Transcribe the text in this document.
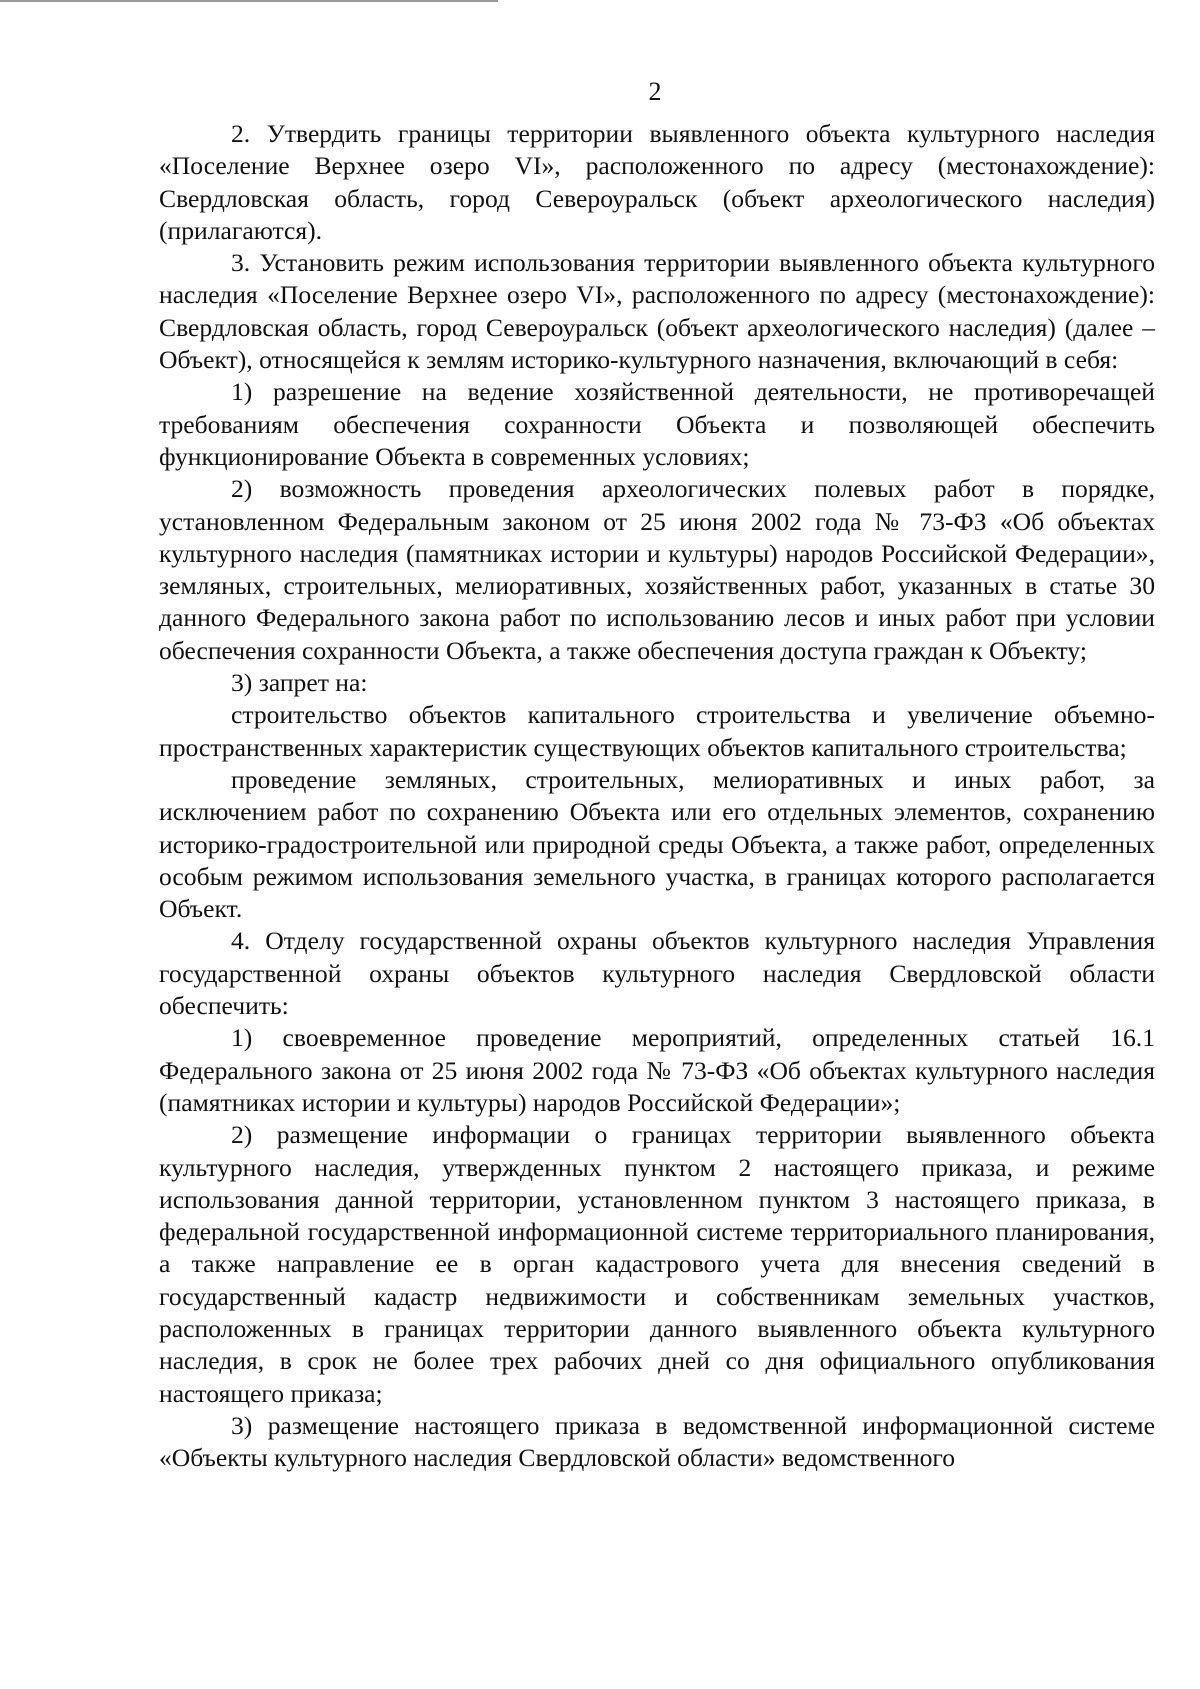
2

2. Утвердить границы территории выявленного объекта культурного наследия «Поселение Верхнее озеро VI», расположенного по адресу (местонахождение): Свердловская область, город Североуральск (объект археологического наследия) (прилагаются).

3. Установить режим использования территории выявленного объекта культурного наследия «Поселение Верхнее озеро VI», расположенного по адресу (местонахождение): Свердловская область, город Североуральск (объект археологического наследия) (далее – Объект), относящейся к землям историко-культурного назначения, включающий в себя:

1) разрешение на ведение хозяйственной деятельности, не противоречащей требованиям обеспечения сохранности Объекта и позволяющей обеспечить функционирование Объекта в современных условиях;

2) возможность проведения археологических полевых работ в порядке, установленном Федеральным законом от 25 июня 2002 года № 73-ФЗ «Об объектах культурного наследия (памятниках истории и культуры) народов Российской Федерации», земляных, строительных, мелиоративных, хозяйственных работ, указанных в статье 30 данного Федерального закона работ по использованию лесов и иных работ при условии обеспечения сохранности Объекта, а также обеспечения доступа граждан к Объекту;

3) запрет на:

строительство объектов капитального строительства и увеличение объемно-пространственных характеристик существующих объектов капитального строительства;

проведение земляных, строительных, мелиоративных и иных работ, за исключением работ по сохранению Объекта или его отдельных элементов, сохранению историко-градостроительной или природной среды Объекта, а также работ, определенных особым режимом использования земельного участка, в границах которого располагается Объект.

4. Отделу государственной охраны объектов культурного наследия Управления государственной охраны объектов культурного наследия Свердловской области обеспечить:

1) своевременное проведение мероприятий, определенных статьей 16.1 Федерального закона от 25 июня 2002 года № 73-ФЗ «Об объектах культурного наследия (памятниках истории и культуры) народов Российской Федерации»;

2) размещение информации о границах территории выявленного объекта культурного наследия, утвержденных пунктом 2 настоящего приказа, и режиме использования данной территории, установленном пунктом 3 настоящего приказа, в федеральной государственной информационной системе территориального планирования, а также направление ее в орган кадастрового учета для внесения сведений в государственный кадастр недвижимости и собственникам земельных участков, расположенных в границах территории данного выявленного объекта культурного наследия, в срок не более трех рабочих дней со дня официального опубликования настоящего приказа;

3) размещение настоящего приказа в ведомственной информационной системе «Объекты культурного наследия Свердловской области» ведомственного
